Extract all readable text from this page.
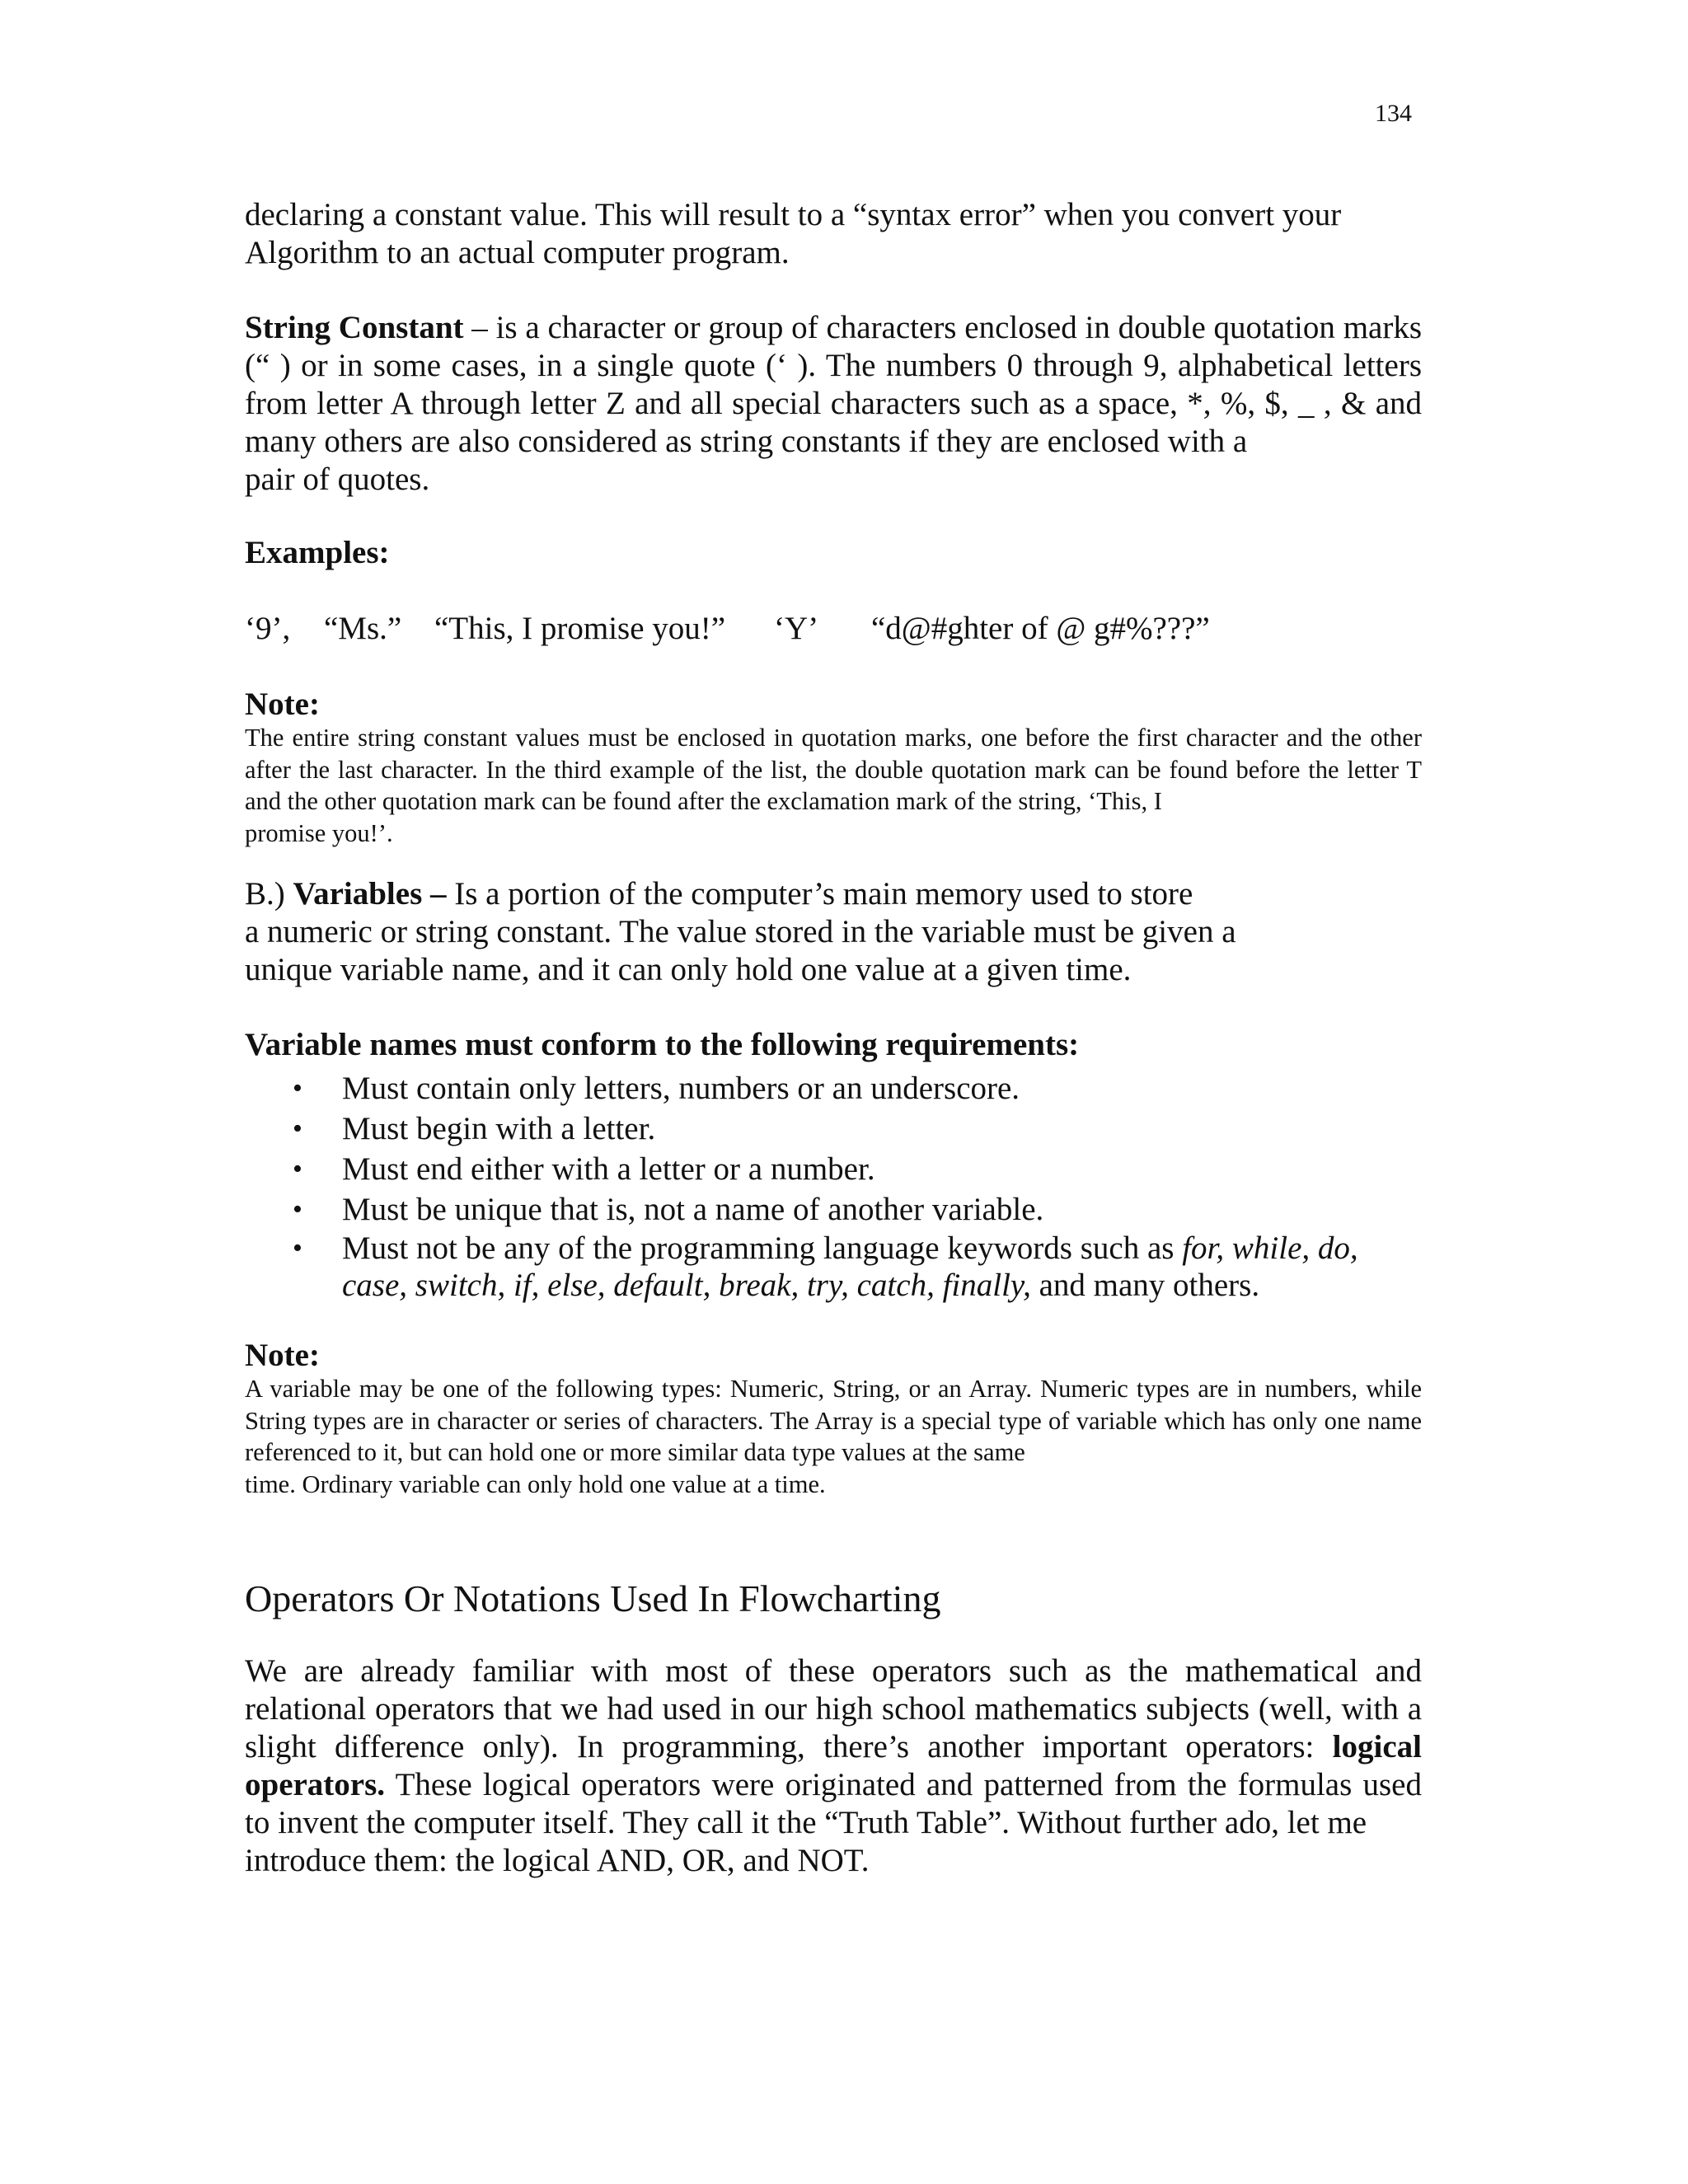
134

declaring a constant value. This will result to a “syntax error” when you convert your
Algorithm to an actual computer program.

String Constant – is a character or group of characters enclosed in double quotation marks (“ ) or in some cases, in a single quote (‘ ). The numbers 0 through 9, alphabetical letters from letter A through letter Z and all special characters such as a space, *, %, $, _ , & and many others are also considered as string constants if they are enclosed with a
pair of quotes.

Examples:
‘9’, “Ms.” “This, I promise you!” ‘Y’ “d@#ghter of @ g#%???”
Note:

The entire string constant values must be enclosed in quotation marks, one before the first character and the other after the last character. In the third example of the list, the double quotation mark can be found before the letter T and the other quotation mark can be found after the exclamation mark of the string, ‘This, I
promise you!’.

B.) Variables – Is a portion of the computer’s main memory used to store
a numeric or string constant. The value stored in the variable must be given a
unique variable name, and it can only hold one value at a given time.

Variable names must conform to the following requirements:
• Must contain only letters, numbers or an underscore.
• Must begin with a letter.
• Must end either with a letter or a number.
• Must be unique that is, not a name of another variable.
• Must not be any of the programming language keywords such as for, while, do,
case, switch, if, else, default, break, try, catch, finally, and many others.
Note:

A variable may be one of the following types: Numeric, String, or an Array. Numeric types are in numbers, while String types are in character or series of characters. The Array is a special type of variable which has only one name referenced to it, but can hold one or more similar data type values at the same
time. Ordinary variable can only hold one value at a time.

Operators Or Notations Used In Flowcharting

We are already familiar with most of these operators such as the mathematical and relational operators that we had used in our high school mathematics subjects (well, with a slight difference only). In programming, there’s another important operators: logical operators. These logical operators were originated and patterned from the formulas used to invent the computer itself. They call it the “Truth Table”. Without further ado, let me
introduce them: the logical AND, OR, and NOT.
